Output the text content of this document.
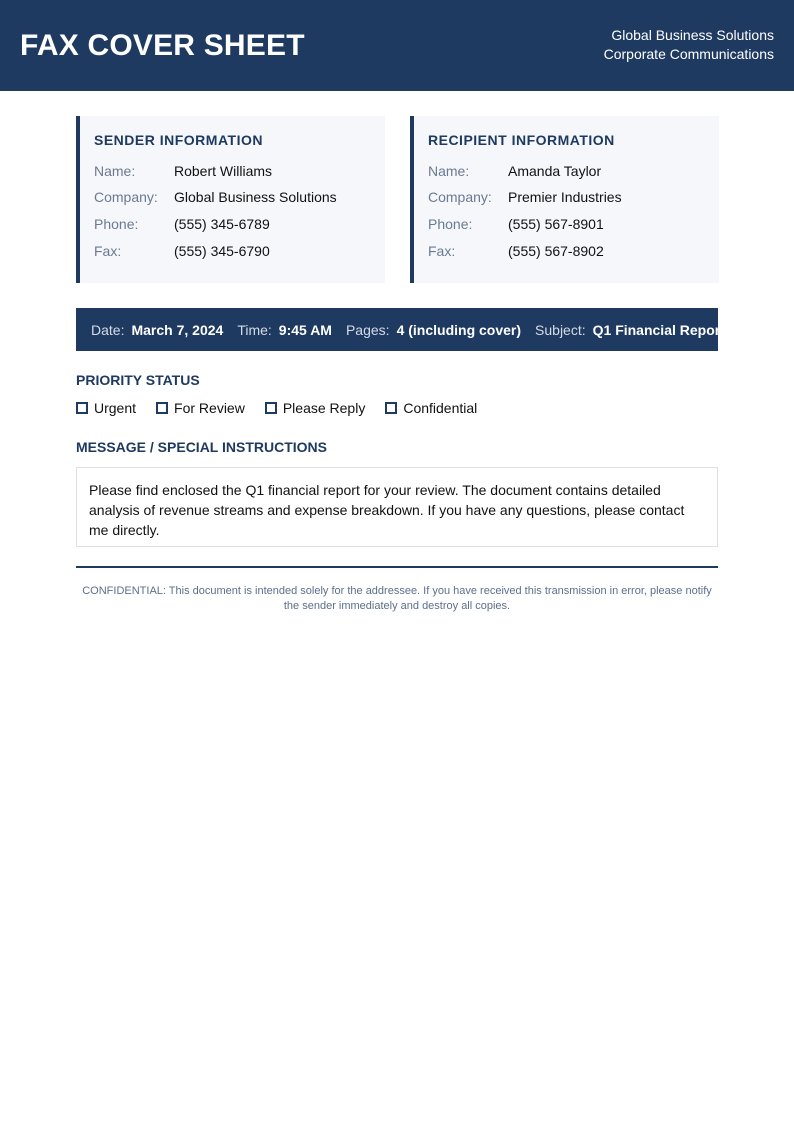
FAX COVER SHEET	Global Business Solutions
Corporate Communications
SENDER INFORMATION
Name:	Robert Williams
Company: Global Business Solutions
Phone:	(555) 345-6789
Fax:	(555) 345-6790
RECIPIENT INFORMATION
Name:	Amanda Taylor
Company: Premier Industries
Phone:	(555) 567-8901
Fax:	(555) 567-8902
Date: March 7, 2024 Time: 9:45 AM Pages: 4 (including cover) Subject: Q1 Financial Report
PRIORITY STATUS
Urgent	For Review	Please Reply	Confidential
MESSAGE / SPECIAL INSTRUCTIONS
Please find enclosed the Q1 financial report for your review. The document contains detailed analysis of revenue streams and expense breakdown. If you have any questions, please contact me directly.
CONFIDENTIAL: This document is intended solely for the addressee. If you have received this transmission in error, please notify the sender immediately and destroy all copies.
